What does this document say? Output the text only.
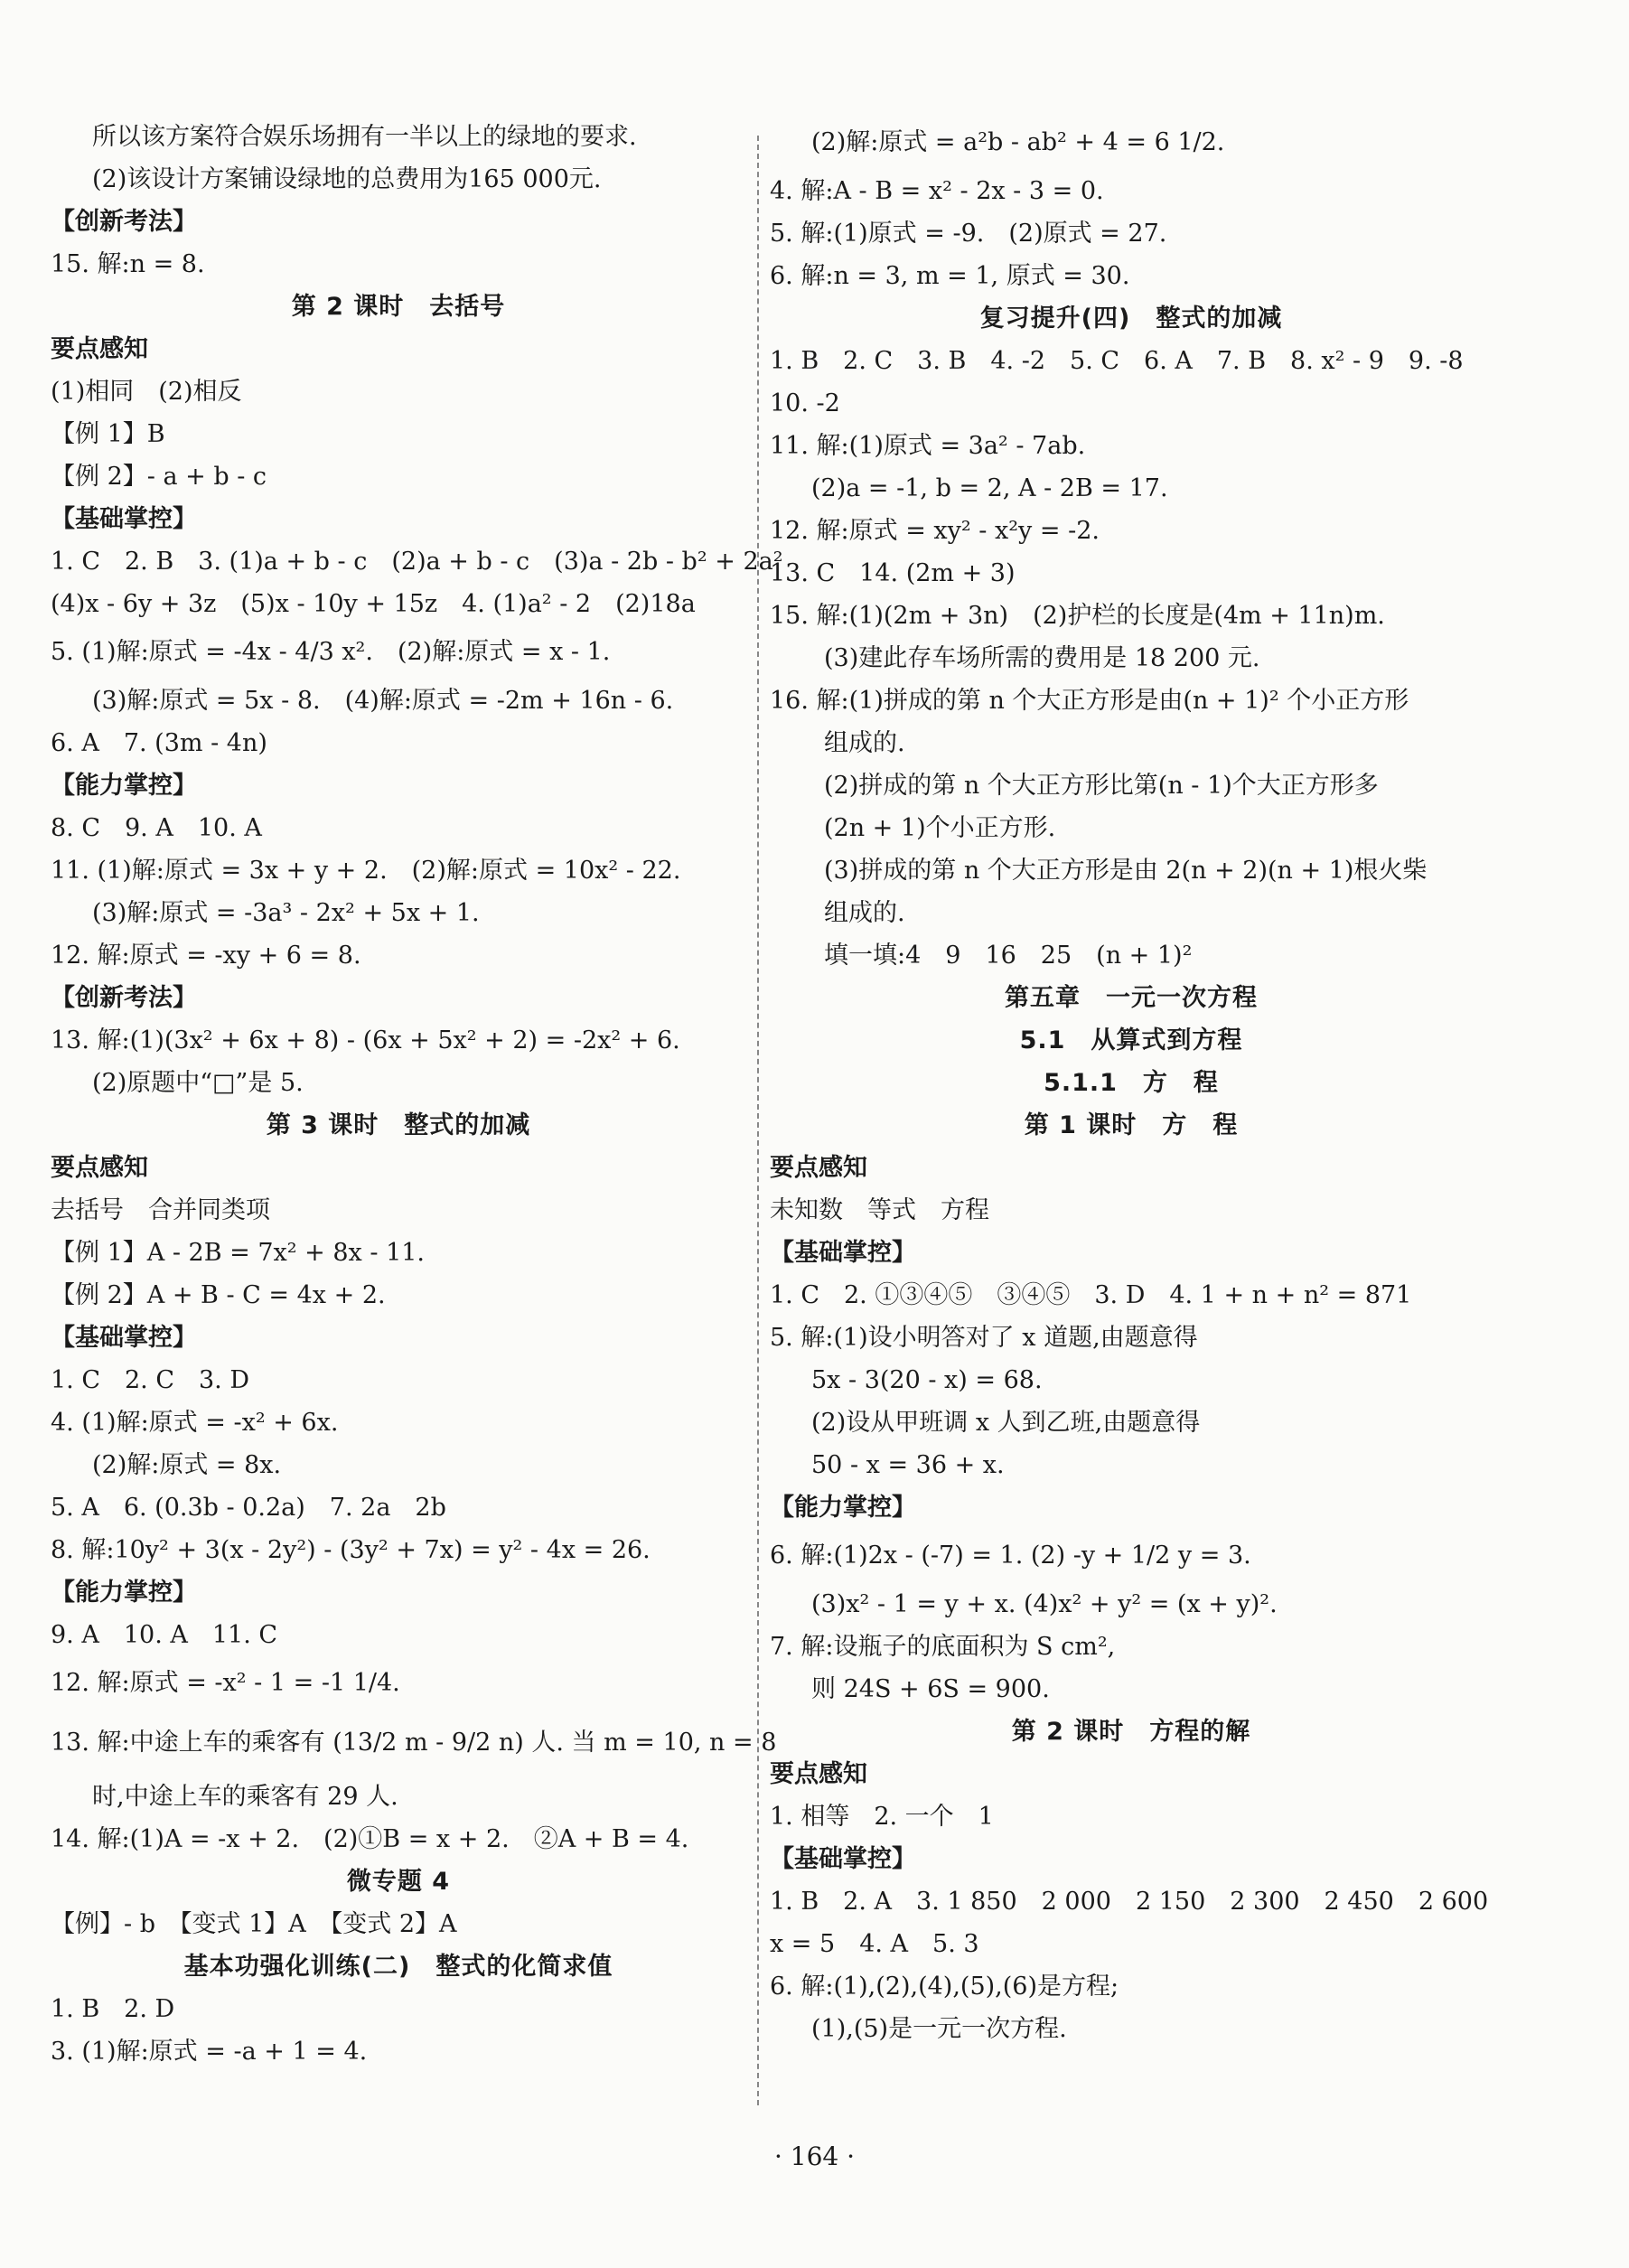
所以该方案符合娱乐场拥有一半以上的绿地的要求.
(2)该设计方案铺设绿地的总费用为165 000元.
【创新考法】
15. 解:n = 8.
第 2 课时　去括号
要点感知
(1)相同　(2)相反
【例 1】B
【例 2】- a + b - c
【基础掌控】
1. C　2. B　3. (1)a + b - c　(2)a + b - c　(3)a - 2b - b² + 2a²
(4)x - 6y + 3z　(5)x - 10y + 15z　4. (1)a² - 2　(2)18a
5. (1)解:原式 = -4x - 4/3 x².　(2)解:原式 = x - 1.
(3)解:原式 = 5x - 8.　(4)解:原式 = -2m + 16n - 6.
6. A　7. (3m - 4n)
【能力掌控】
8. C　9. A　10. A
11. (1)解:原式 = 3x + y + 2.　(2)解:原式 = 10x² - 22.
(3)解:原式 = -3a³ - 2x² + 5x + 1.
12. 解:原式 = -xy + 6 = 8.
【创新考法】
13. 解:(1)(3x² + 6x + 8) - (6x + 5x² + 2) = -2x² + 6.
(2)原题中“□”是 5.
第 3 课时　整式的加减
要点感知
去括号　合并同类项
【例 1】A - 2B = 7x² + 8x - 11.
【例 2】A + B - C = 4x + 2.
【基础掌控】
1. C　2. C　3. D
4. (1)解:原式 = -x² + 6x.
(2)解:原式 = 8x.
5. A　6. (0.3b - 0.2a)　7. 2a　2b
8. 解:10y² + 3(x - 2y²) - (3y² + 7x) = y² - 4x = 26.
【能力掌控】
9. A　10. A　11. C
12. 解:原式 = -x² - 1 = -1 1/4.
13. 解:中途上车的乘客有 (13/2 m - 9/2 n) 人. 当 m = 10, n = 8
时,中途上车的乘客有 29 人.
14. 解:(1)A = -x + 2.　(2)①B = x + 2.　②A + B = 4.
微专题 4
【例】- b　【变式 1】A　【变式 2】A
基本功强化训练(二)　整式的化简求值
1. B　2. D
3. (1)解:原式 = -a + 1 = 4.
(2)解:原式 = a²b - ab² + 4 = 6 1/2.
4. 解:A - B = x² - 2x - 3 = 0.
5. 解:(1)原式 = -9.　(2)原式 = 27.
6. 解:n = 3, m = 1, 原式 = 30.
复习提升(四)　整式的加减
1. B　2. C　3. B　4. -2　5. C　6. A　7. B　8. x² - 9　9. -8
10. -2
11. 解:(1)原式 = 3a² - 7ab.
(2)a = -1, b = 2, A - 2B = 17.
12. 解:原式 = xy² - x²y = -2.
13. C　14. (2m + 3)
15. 解:(1)(2m + 3n)　(2)护栏的长度是(4m + 11n)m.
(3)建此存车场所需的费用是 18 200 元.
16. 解:(1)拼成的第 n 个大正方形是由(n + 1)² 个小正方形
组成的.
(2)拼成的第 n 个大正方形比第(n - 1)个大正方形多
(2n + 1)个小正方形.
(3)拼成的第 n 个大正方形是由 2(n + 2)(n + 1)根火柴
组成的.
填一填:4　9　16　25　(n + 1)²
第五章　一元一次方程
5.1　从算式到方程
5.1.1　方　程
第 1 课时　方　程
要点感知
未知数　等式　方程
【基础掌控】
1. C　2. ①③④⑤　③④⑤　3. D　4. 1 + n + n² = 871
5. 解:(1)设小明答对了 x 道题,由题意得
5x - 3(20 - x) = 68.
(2)设从甲班调 x 人到乙班,由题意得
50 - x = 36 + x.
【能力掌控】
6. 解:(1)2x - (-7) = 1. (2) -y + 1/2 y = 3.
(3)x² - 1 = y + x. (4)x² + y² = (x + y)².
7. 解:设瓶子的底面积为 S cm²,
则 24S + 6S = 900.
第 2 课时　方程的解
要点感知
1. 相等　2. 一个　1
【基础掌控】
1. B　2. A　3. 1 850　2 000　2 150　2 300　2 450　2 600
x = 5　4. A　5. 3
6. 解:(1),(2),(4),(5),(6)是方程;
(1),(5)是一元一次方程.
· 164 ·
